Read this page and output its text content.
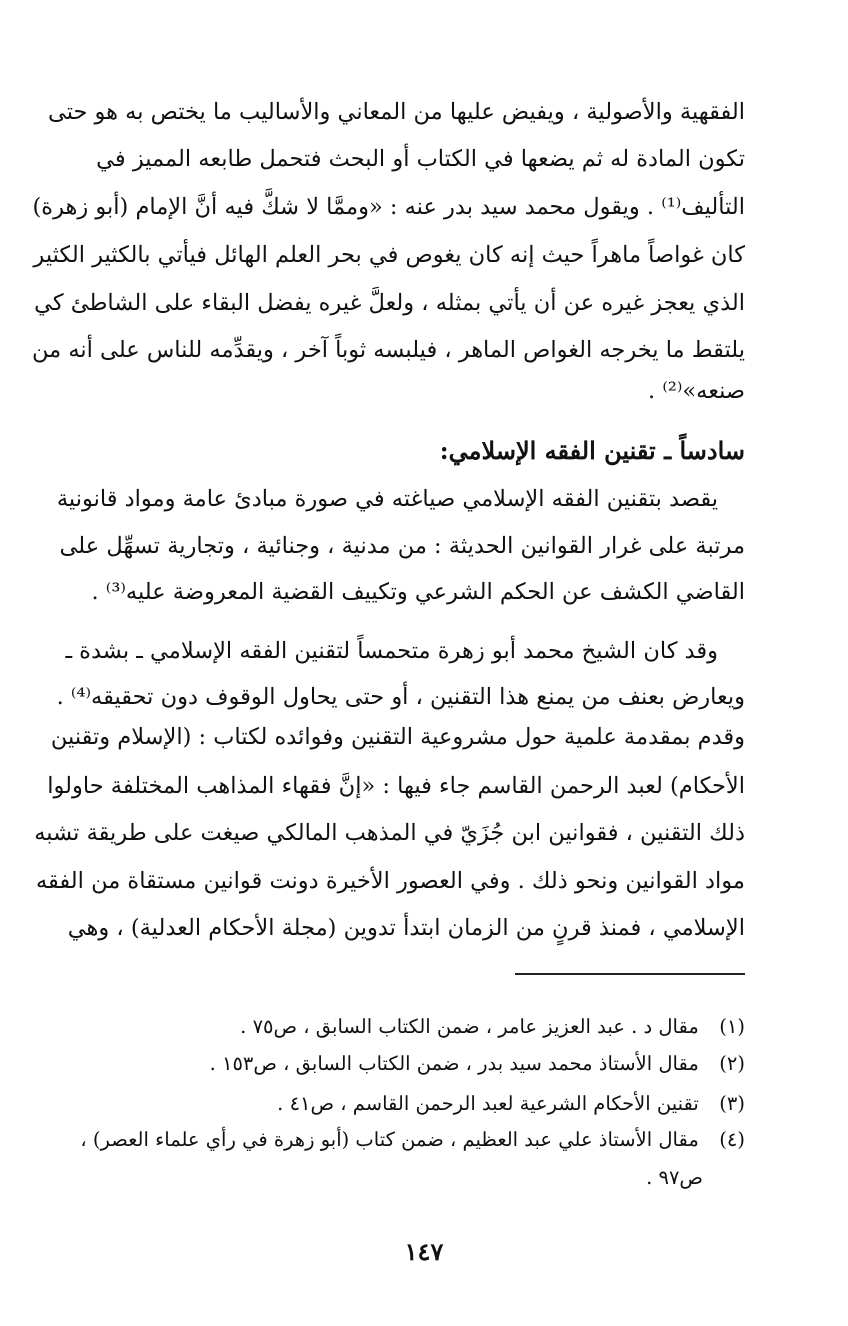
الفقهية والأصولية ، ويفيض عليها من المعاني والأساليب ما يختص به هو حتى
تكون المادة له ثم يضعها في الكتاب أو البحث فتحمل طابعه المميز في
التأليف⁽¹⁾ . ويقول محمد سيد بدر عنه : «وممَّا لا شكَّ فيه أنَّ الإمام (أبو زهرة)
كان غواصاً ماهراً حيث إنه كان يغوص في بحر العلم الهائل فيأتي بالكثير الكثير
الذي يعجز غيره عن أن يأتي بمثله ، ولعلَّ غيره يفضل البقاء على الشاطئ كي
يلتقط ما يخرجه الغواص الماهر ، فيلبسه ثوباً آخر ، ويقدِّمه للناس على أنه من
صنعه»⁽²⁾ .
سادساً ـ تقنين الفقه الإسلامي:
يقصد بتقنين الفقه الإسلامي صياغته في صورة مبادئ عامة ومواد قانونية
مرتبة على غرار القوانين الحديثة : من مدنية ، وجنائية ، وتجارية تسهِّل على
القاضي الكشف عن الحكم الشرعي وتكييف القضية المعروضة عليه⁽³⁾ .
وقد كان الشيخ محمد أبو زهرة متحمساً لتقنين الفقه الإسلامي ـ بشدة ـ
ويعارض بعنف من يمنع هذا التقنين ، أو حتى يحاول الوقوف دون تحقيقه⁽⁴⁾ .
وقدم بمقدمة علمية حول مشروعية التقنين وفوائده لكتاب : (الإسلام وتقنين
الأحكام) لعبد الرحمن القاسم جاء فيها : «إنَّ فقهاء المذاهب المختلفة حاولوا
ذلك التقنين ، فقوانين ابن جُزَيّ في المذهب المالكي صيغت على طريقة تشبه
مواد القوانين ونحو ذلك . وفي العصور الأخيرة دونت قوانين مستقاة من الفقه
الإسلامي ، فمنذ قرنٍ من الزمان ابتدأ تدوين (مجلة الأحكام العدلية) ، وهي
(١) مقال د . عبد العزيز عامر ، ضمن الكتاب السابق ، ص٧٥ .
(٢) مقال الأستاذ محمد سيد بدر ، ضمن الكتاب السابق ، ص١٥٣ .
(٣) تقنين الأحكام الشرعية لعبد الرحمن القاسم ، ص٤١ .
(٤) مقال الأستاذ علي عبد العظيم ، ضمن كتاب (أبو زهرة في رأي علماء العصر) ،
ص٩٧ .
١٤٧
